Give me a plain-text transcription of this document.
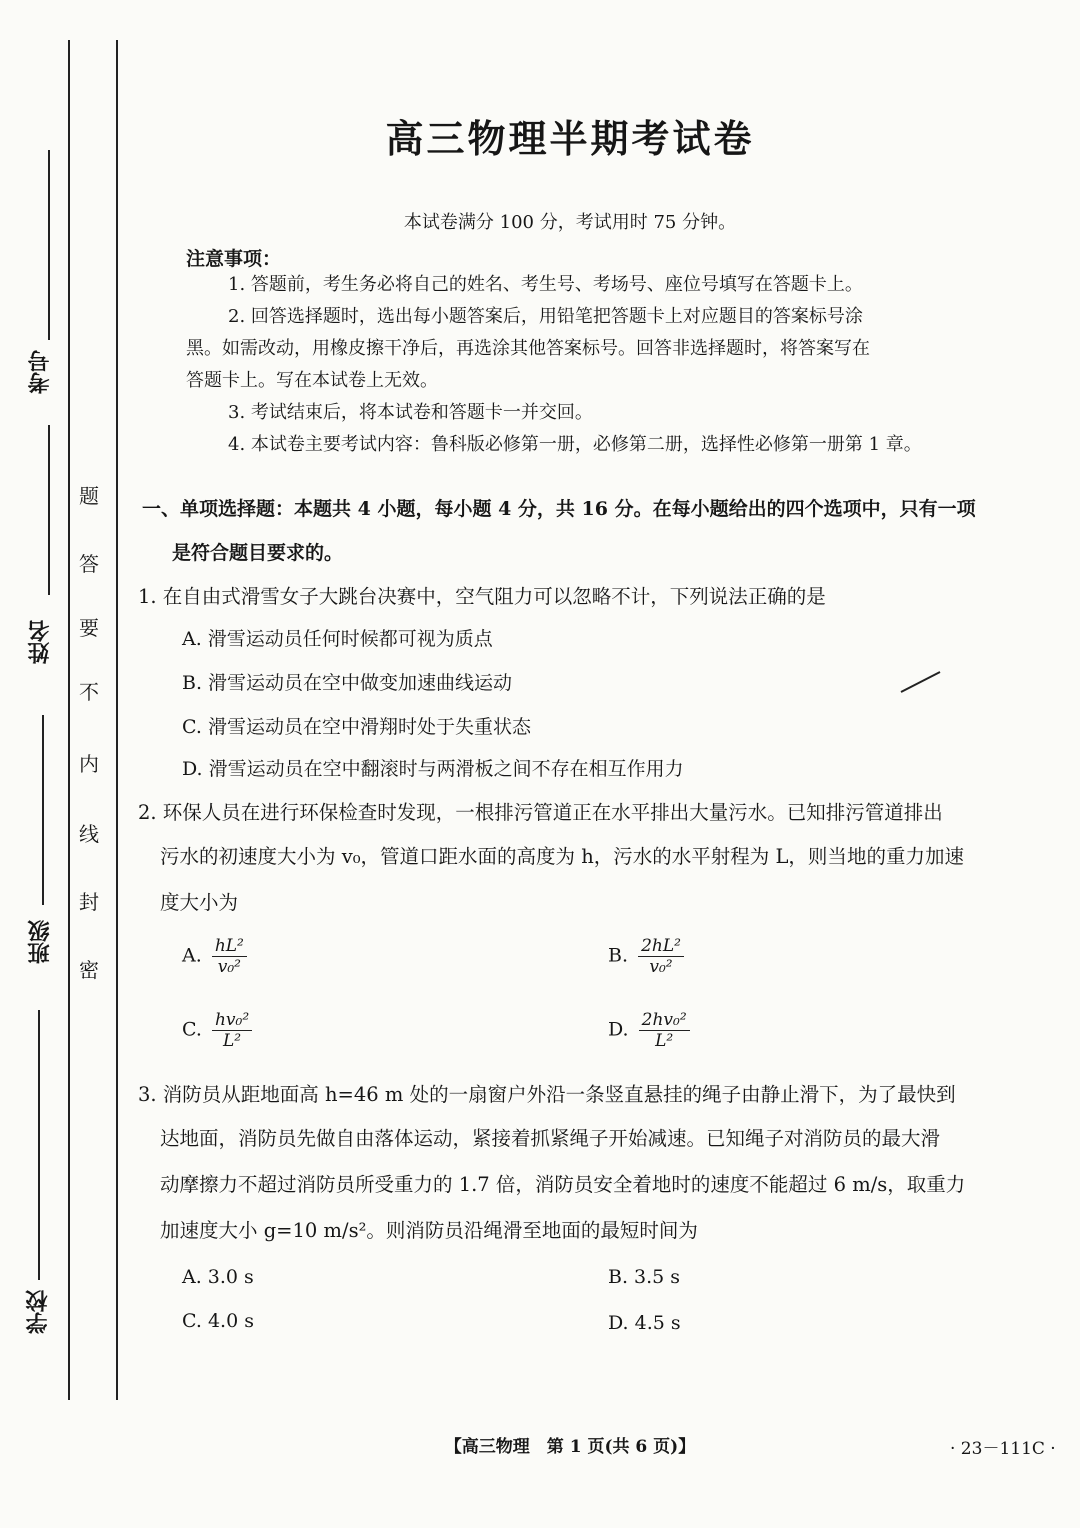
考号
姓名
班级
学校
题
答
要
不
内
线
封
密
高三物理半期考试卷
本试卷满分 100 分，考试用时 75 分钟。
注意事项：
1. 答题前，考生务必将自己的姓名、考生号、考场号、座位号填写在答题卡上。
2. 回答选择题时，选出每小题答案后，用铅笔把答题卡上对应题目的答案标号涂
黑。如需改动，用橡皮擦干净后，再选涂其他答案标号。回答非选择题时，将答案写在
答题卡上。写在本试卷上无效。
3. 考试结束后，将本试卷和答题卡一并交回。
4. 本试卷主要考试内容：鲁科版必修第一册，必修第二册，选择性必修第一册第 1 章。
一、单项选择题：本题共 4 小题，每小题 4 分，共 16 分。在每小题给出的四个选项中，只有一项
是符合题目要求的。
1. 在自由式滑雪女子大跳台决赛中，空气阻力可以忽略不计，下列说法正确的是
A. 滑雪运动员任何时候都可视为质点
B. 滑雪运动员在空中做变加速曲线运动
C. 滑雪运动员在空中滑翔时处于失重状态
D. 滑雪运动员在空中翻滚时与两滑板之间不存在相互作用力
2. 环保人员在进行环保检查时发现，一根排污管道正在水平排出大量污水。已知排污管道排出
污水的初速度大小为 v₀，管道口距水面的高度为 h，污水的水平射程为 L，则当地的重力加速
度大小为
A. $\frac{\text{hL²}}{\text{v₀²}}$	B. $\frac{\text{2hL²}}{\text{v₀²}}$
C. $\frac{\text{hv₀²}}{\text{L²}}$	D. $\frac{\text{2hv₀²}}{\text{L²}}$
3. 消防员从距地面高 h=46 m 处的一扇窗户外沿一条竖直悬挂的绳子由静止滑下，为了最快到
达地面，消防员先做自由落体运动，紧接着抓紧绳子开始减速。已知绳子对消防员的最大滑
动摩擦力不超过消防员所受重力的 1.7 倍，消防员安全着地时的速度不能超过 6 m/s，取重力
加速度大小 g=10 m/s²。则消防员沿绳滑至地面的最短时间为
A. 3.0 s	B. 3.5 s
C. 4.0 s	D. 4.5 s
【高三物理　第 1 页(共 6 页)】	· 23－111C ·
